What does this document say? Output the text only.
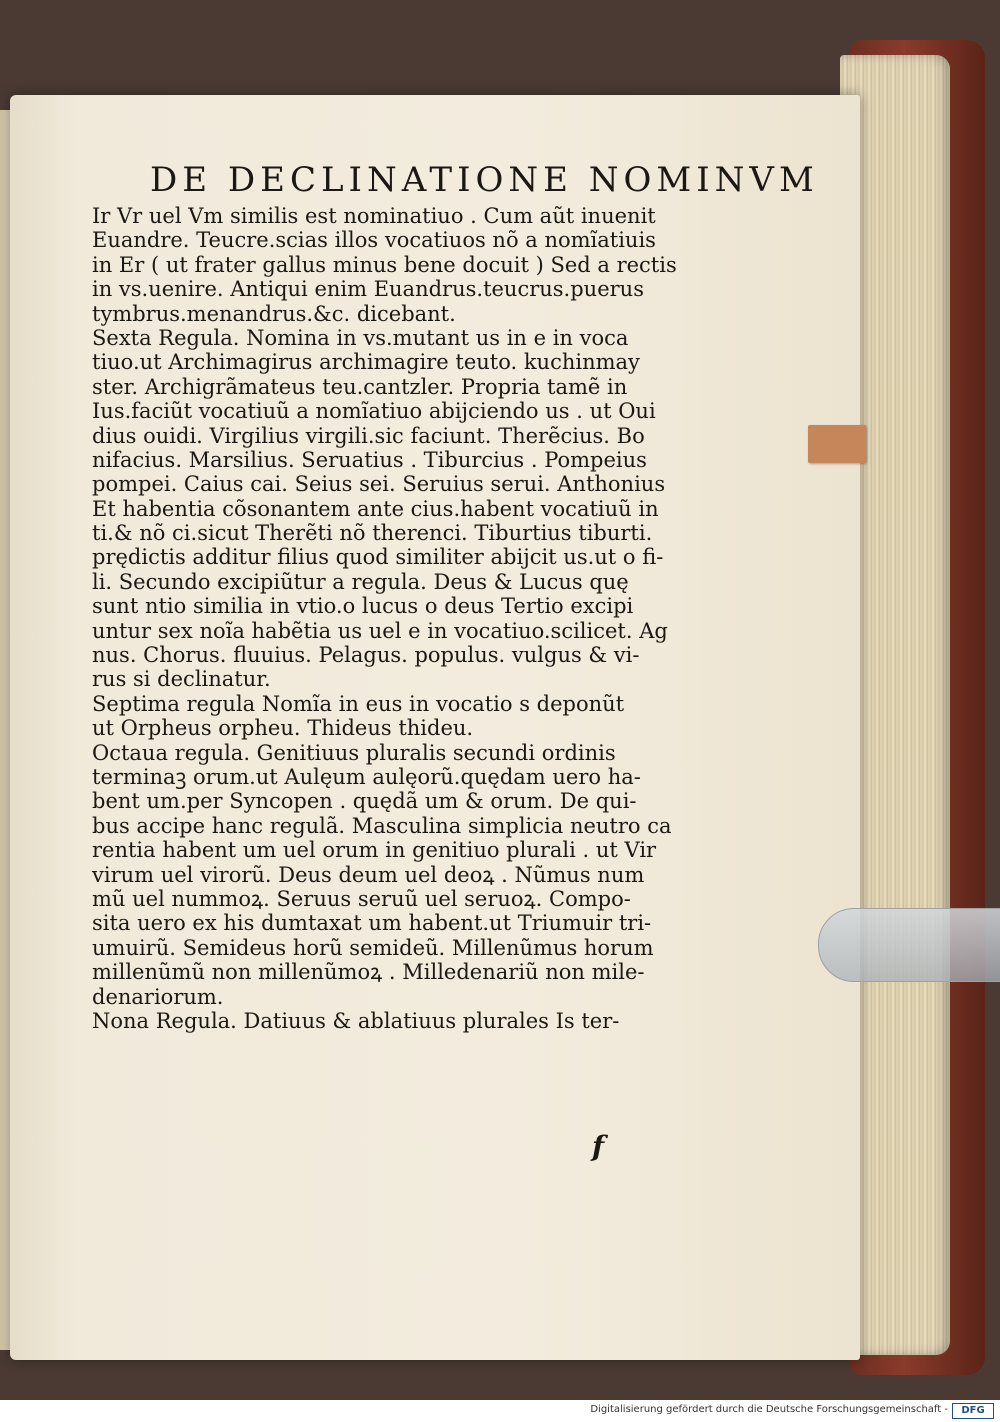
DE DECLINATIONE NOMINVM
Ir Vr uel Vm similis est nominatiuo . Cum aũt inuenit
Euandre. Teucre.scias illos vocatiuos nõ a nomĩatiuis
in Er ( ut frater gallus minus bene docuit ) Sed a rectis
in vs.uenire. Antiqui enim Euandrus.teucrus.puerus
tymbrus.menandrus.&c. dicebant.
Sexta Regula. Nomina in vs.mutant us in e in voca
tiuo.ut Archimagirus archimagire teuto. kuchinmay
ster. Archigrãmateus teu.cantzler. Propria tamẽ in
Ius.faciũt vocatiuũ a nomĩatiuo abijciendo us . ut Oui
dius ouidi. Virgilius virgili.sic faciunt. Therẽcius. Bo
nifacius. Marsilius. Seruatius . Tiburcius . Pompeius
pompei. Caius cai. Seius sei. Seruius serui. Anthonius
Et habentia cõsonantem ante cius.habent vocatiuũ in
ti.& nõ ci.sicut Therẽti nõ therenci. Tiburtius tiburti.
prędictis additur filius quod similiter abijcit us.ut o fi-
li. Secundo excipiũtur a regula. Deus & Lucus quę
sunt ntio similia in vtio.o lucus o deus Tertio excipi
untur sex noĩa habẽtia us uel e in vocatiuo.scilicet. Ag
nus. Chorus. fluuius. Pelagus. populus. vulgus & vi-
rus si declinatur.
Septima regula Nomĩa in eus in vocatio s deponũt
ut Orpheus orpheu. Thideus thideu.
Octaua regula. Genitiuus pluralis secundi ordinis
terminaꝫ orum.ut Aulęum aulęorũ.quędam uero ha-
bent um.per Syncopen . quędã um & orum. De qui-
bus accipe hanc regulã. Masculina simplicia neutro ca
rentia habent um uel orum in genitiuo plurali . ut Vir
virum uel virorũ. Deus deum uel deoꝝ . Nũmus num
mũ uel nummoꝝ. Seruus seruũ uel seruoꝝ. Compo-
sita uero ex his dumtaxat um habent.ut Triumuir tri-
umuirũ. Semideus horũ semideũ. Millenũmus horum
millenũmũ non millenũmoꝝ . Milledenariũ non mile-
denariorum.
Nona Regula. Datiuus & ablatiuus plurales Is ter-
f
Digitalisierung gefördert durch die Deutsche Forschungsgemeinschaft -	DFG
